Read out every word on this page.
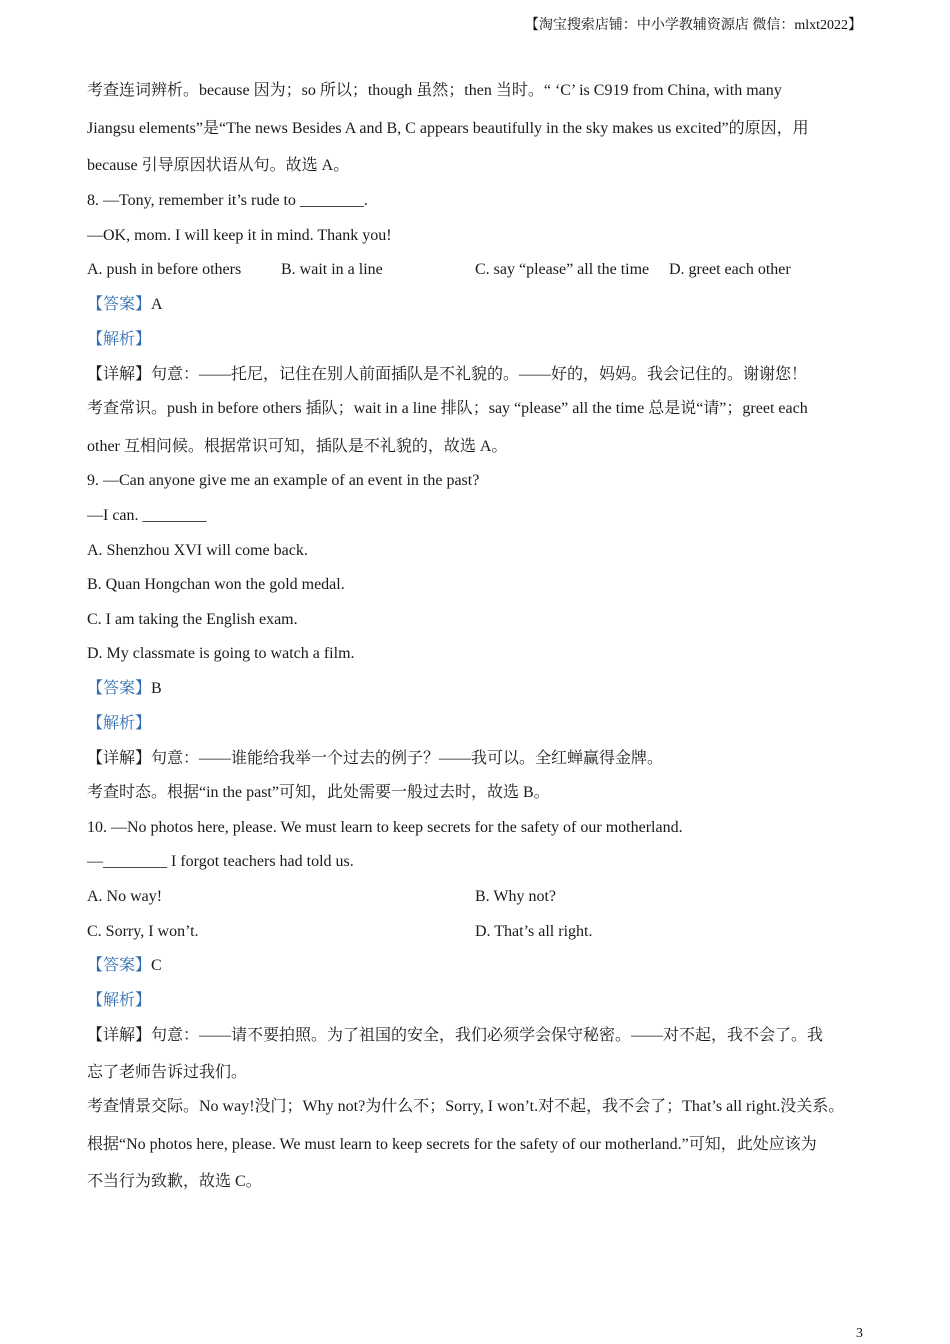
【淘宝搜索店铺：中小学教辅资源店 微信：mlxt2022】
考查连词辨析。because 因为；so 所以；though 虽然；then 当时。“ ‘C’ is C919 from China, with many
Jiangsu elements”是“The news Besides A and B, C appears beautifully in the sky makes us excited”的原因，用
because 引导原因状语从句。故选 A。
8. —Tony, remember it’s rude to ________.
—OK, mom. I will keep it in mind. Thank you!
A. push in before others B. wait in a line	C. say “please” all the time D. greet each other
【答案】A
【解析】
【详解】句意：——托尼，记住在别人前面插队是不礼貌的。——好的，妈妈。我会记住的。谢谢您！
考查常识。push in before others 插队；wait in a line 排队；say “please” all the time 总是说“请”；greet each
other 互相问候。根据常识可知，插队是不礼貌的，故选 A。
9. —Can anyone give me an example of an event in the past?
—I can. ________
A. Shenzhou XVI will come back.
B. Quan Hongchan won the gold medal.
C. I am taking the English exam.
D. My classmate is going to watch a film.
【答案】B
【解析】
【详解】句意：——谁能给我举一个过去的例子？——我可以。全红蝉赢得金牌。
考查时态。根据“in the past”可知，此处需要一般过去时，故选 B。
10. —No photos here, please. We must learn to keep secrets for the safety of our motherland.
—________ I forgot teachers had told us.
A. No way!	B. Why not?
C. Sorry, I won’t.	D. That’s all right.
【答案】C
【解析】
【详解】句意：——请不要拍照。为了祖国的安全，我们必须学会保守秘密。——对不起，我不会了。我
忘了老师告诉过我们。
考查情景交际。No way!没门；Why not?为什么不；Sorry, I won’t.对不起，我不会了；That’s all right.没关系。
根据“No photos here, please. We must learn to keep secrets for the safety of our motherland.”可知，此处应该为
不当行为致歉，故选 C。
3
